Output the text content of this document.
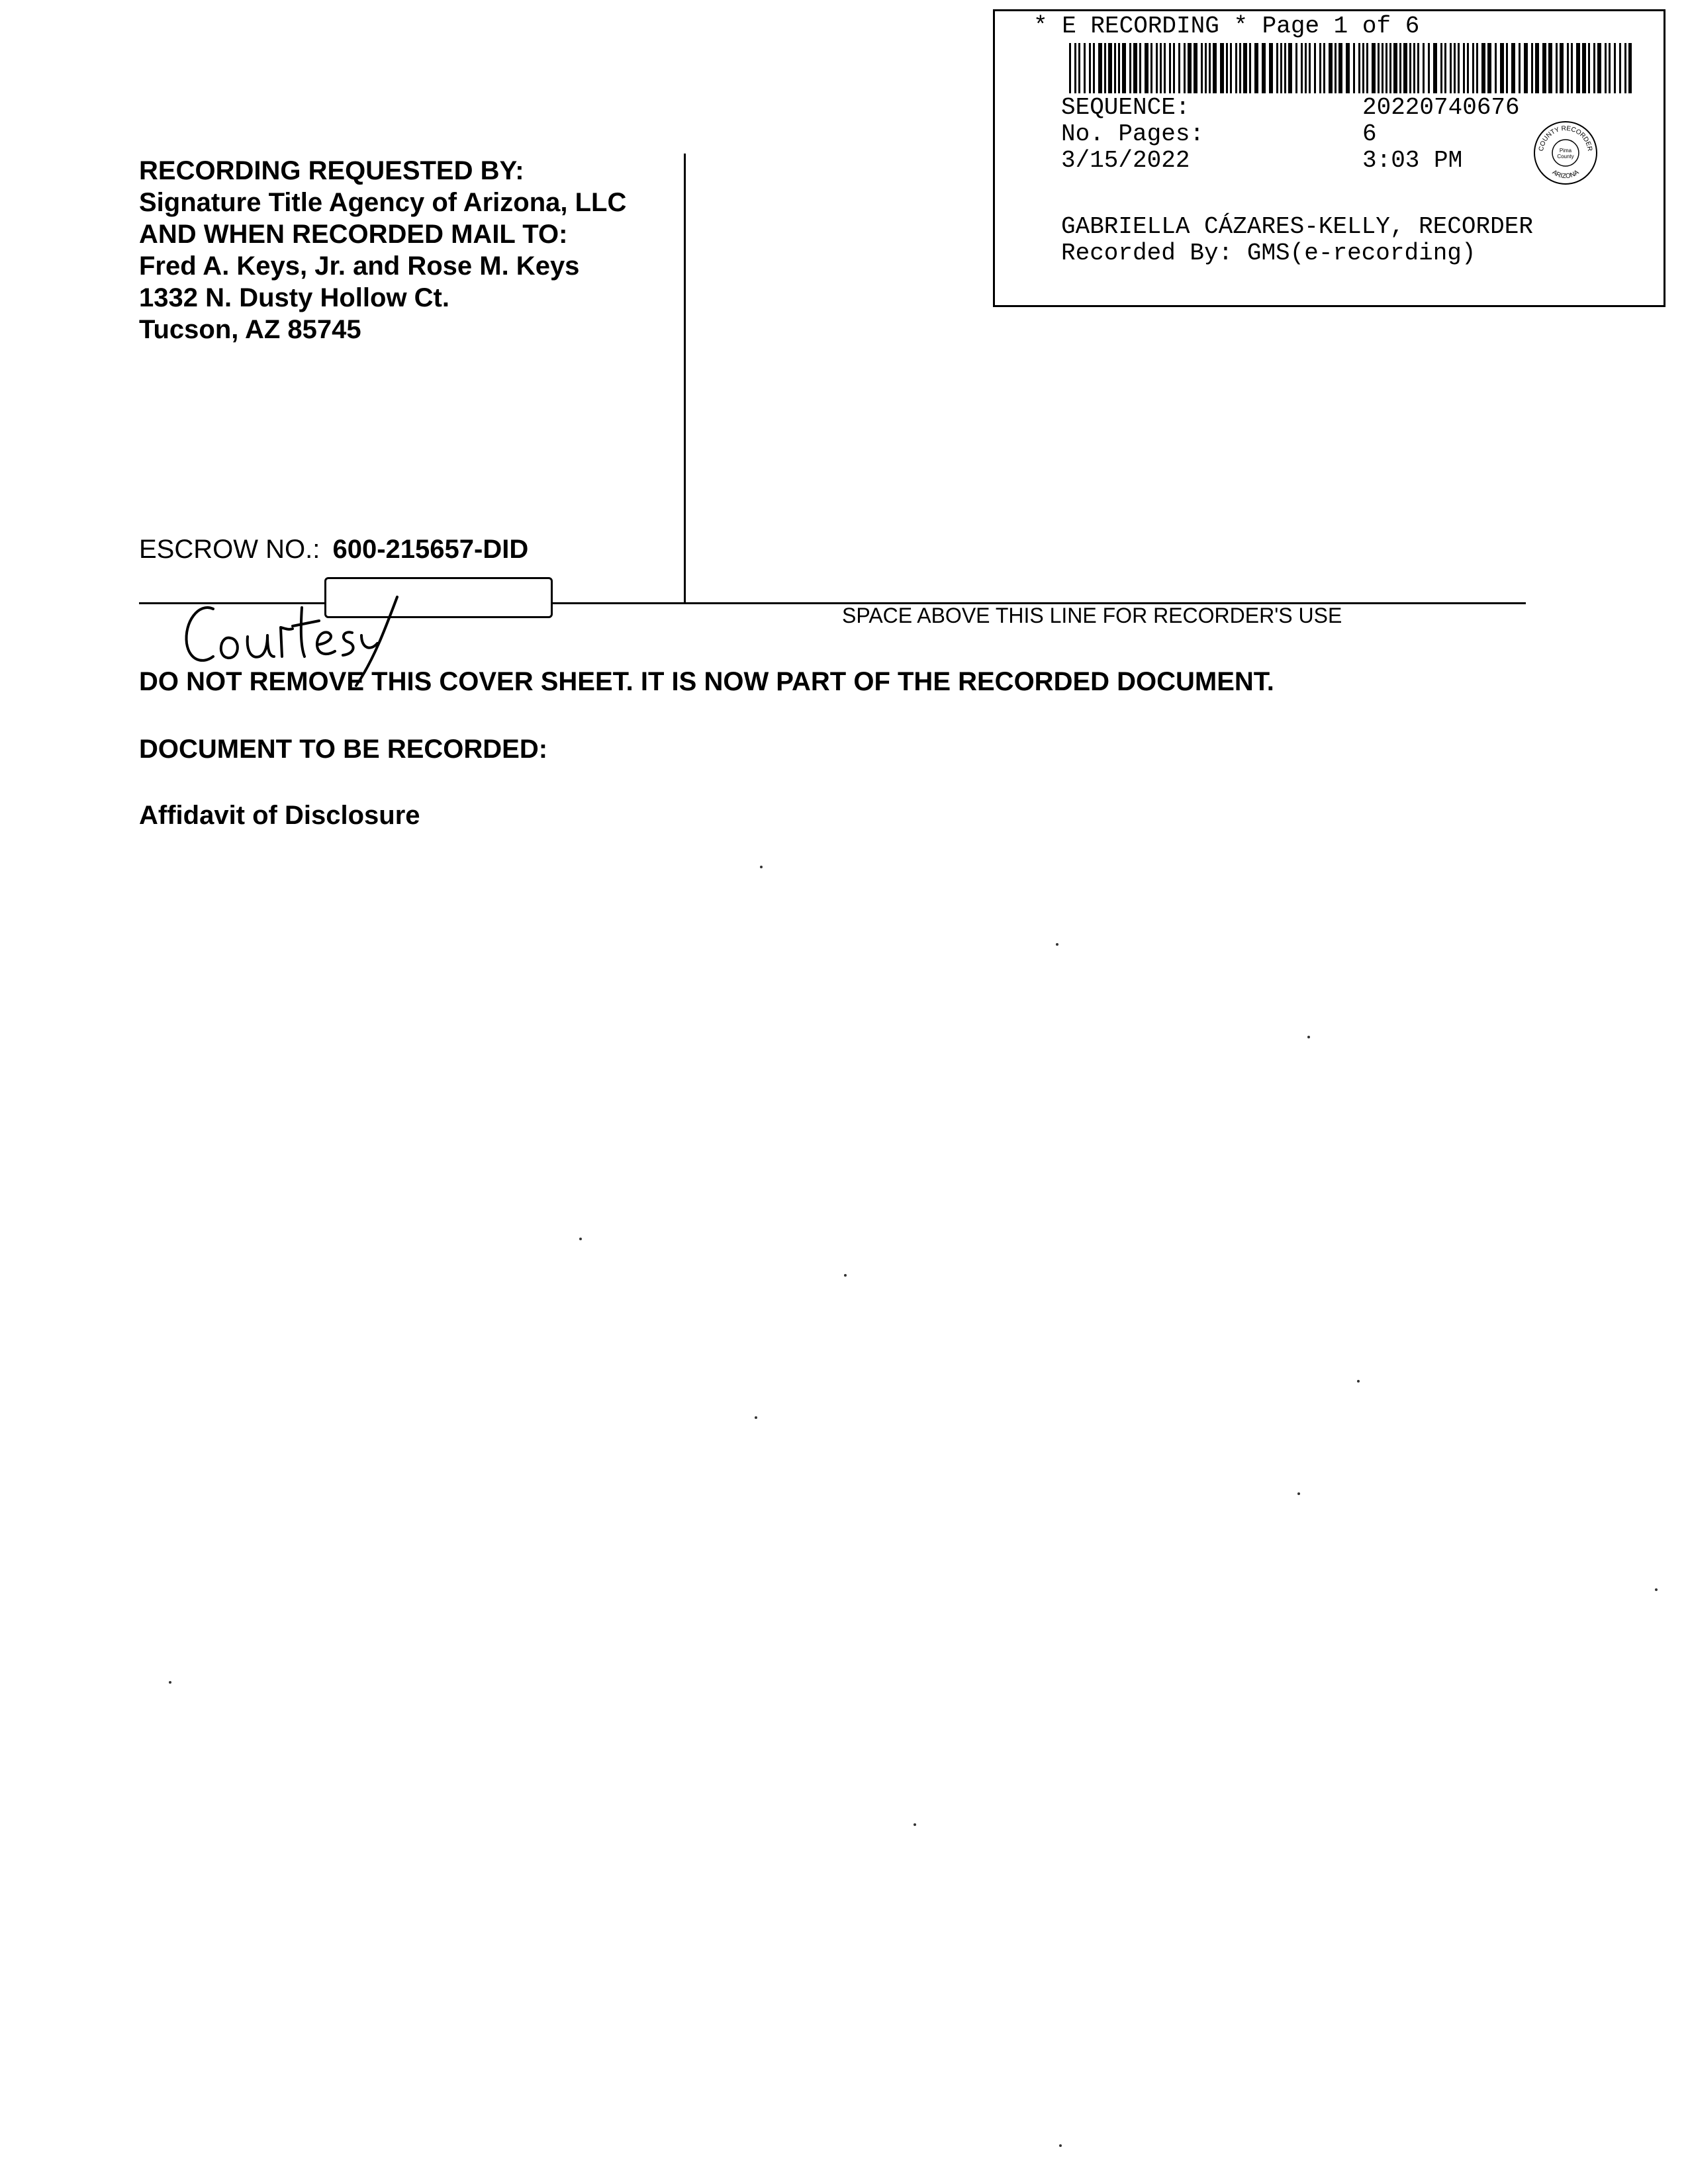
* E RECORDING * Page 1 of 6
SEQUENCE:	20220740676
No. Pages:	6
3/15/2022	3:03 PM	COUNTY RECORDER
ARIZONA
Pima
County
GABRIELLA CÁZARES-KELLY, RECORDER
Recorded By: GMS(e-recording)
RECORDING REQUESTED BY:
Signature Title Agency of Arizona, LLC
AND WHEN RECORDED MAIL TO:
Fred A. Keys, Jr. and Rose M. Keys
1332 N. Dusty Hollow Ct.
Tucson, AZ 85745
ESCROW NO.: 600-215657-DID
SPACE ABOVE THIS LINE FOR RECORDER'S USE
DO NOT REMOVE THIS COVER SHEET. IT IS NOW PART OF THE RECORDED DOCUMENT.
DOCUMENT TO BE RECORDED:
Affidavit of Disclosure
